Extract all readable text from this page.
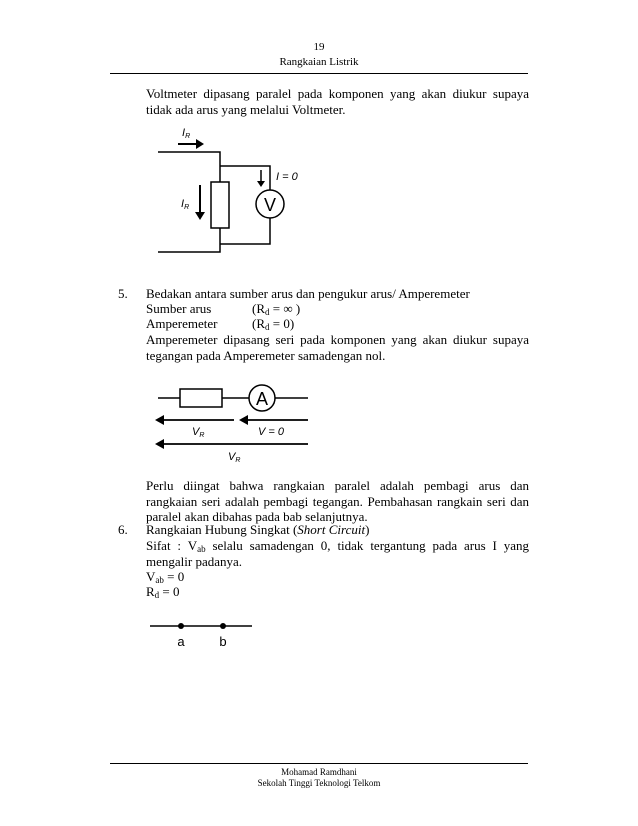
19
Rangkaian Listrik
Voltmeter dipasang paralel pada komponen yang akan diukur supaya tidak ada arus yang melalui Voltmeter.
IR
IR
I = 0
V
5. Bedakan antara sumber arus dan pengukur arus/ Amperemeter
Sumber arus	($R_d$ = ∞ )
Amperemeter	$(R_d = 0)$
Amperemeter dipasang seri pada komponen yang akan diukur supaya tegangan pada Amperemeter samadengan nol.
A
VR	V = 0
VR
Perlu diingat bahwa rangkaian paralel adalah pembagi arus dan rangkaian seri adalah pembagi tegangan. Pembahasan rangkain seri dan paralel akan dibahas pada bab selanjutnya.
6. Rangkaian Hubung Singkat (Short Circuit)
Sifat : $V_{ab}$ selalu samadengan 0, tidak tergantung pada arus I yang mengalir padanya.
$V_{ab} = 0$
$R_d = 0$
a	b
Mohamad Ramdhani
Sekolah Tinggi Teknologi Telkom
